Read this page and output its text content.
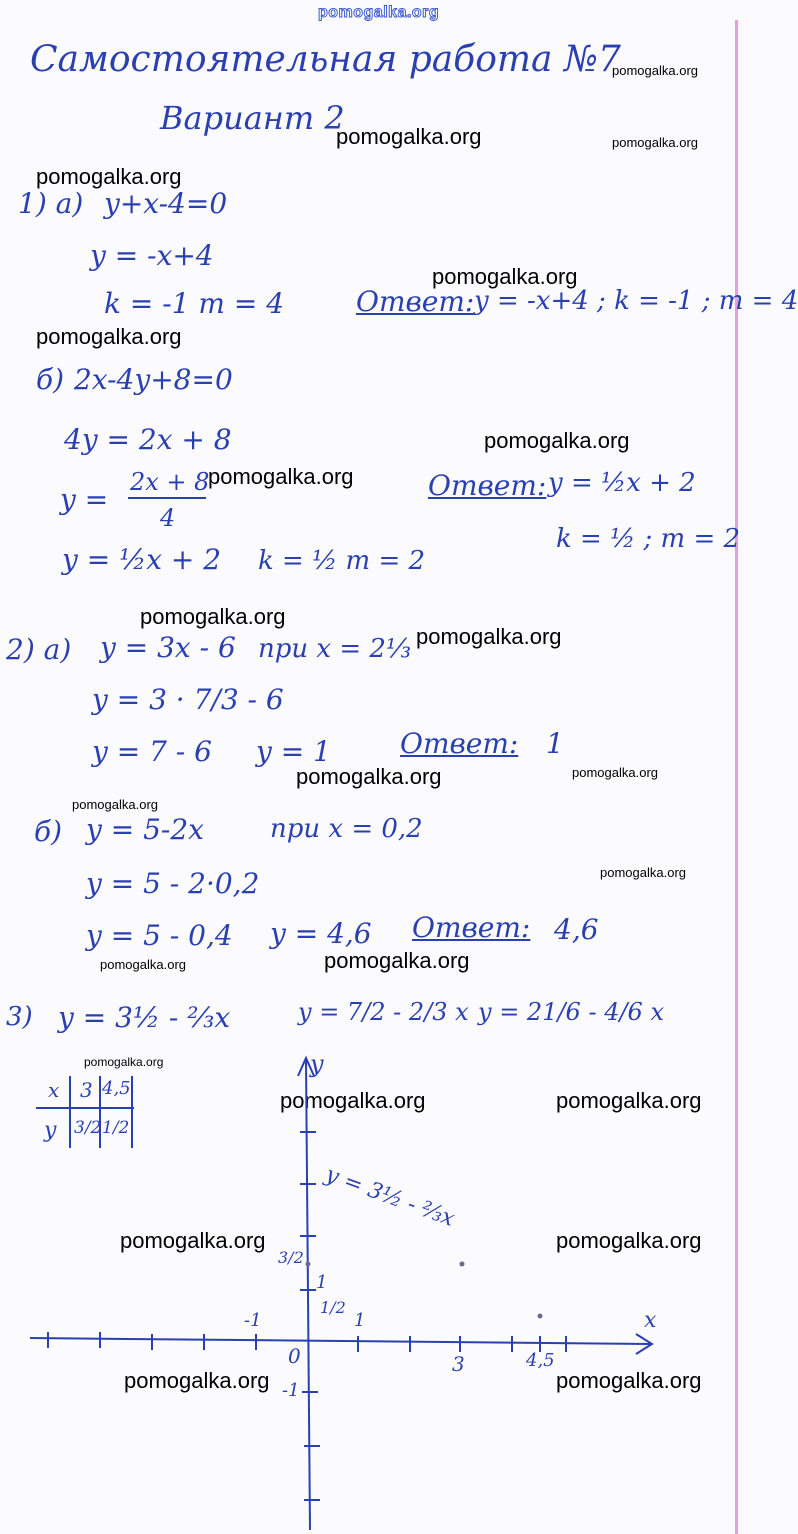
pomogalka.org
Самостоятельная работа №7
Вариант 2
pomogalka.org
pomogalka.org	pomogalka.org
pomogalka.org
pomogalka.org
pomogalka.org
pomogalka.org
pomogalka.org
pomogalka.org
pomogalka.org
pomogalka.org	pomogalka.org
pomogalka.org
pomogalka.org
pomogalka.org	pomogalka.org
pomogalka.org
pomogalka.org	pomogalka.org
pomogalka.org	pomogalka.org
pomogalka.org	pomogalka.org
1) а) y+x-4=0
y = -x+4
k = -1 m = 4	Ответ: y = -x+4 ; k = -1 ; m = 4
б) 2x-4y+8=0
4y = 2x + 8
y =
2x + 8
4
y = ½x + 2 k = ½ m = 2
Ответ: y = ½x + 2
k = ½ ; m = 2
2) а) y = 3x - 6 при x = 2⅓
y = 3 · 7/3 - 6
y = 7 - 6 y = 1 Ответ: 1
б) y = 5-2x	при x = 0,2
y = 5 - 2·0,2
y = 5 - 0,4 y = 4,6 Ответ: 4,6
3) y = 3½ - ⅔x	y = 7/2 - 2/3 x y = 21/6 - 4/6 x
x 3 4,5
y 3/2 1/2
y
x
y = 3½ - ⅔x
0
1
-1	1
-1
3	4,5
3/2
1/2
